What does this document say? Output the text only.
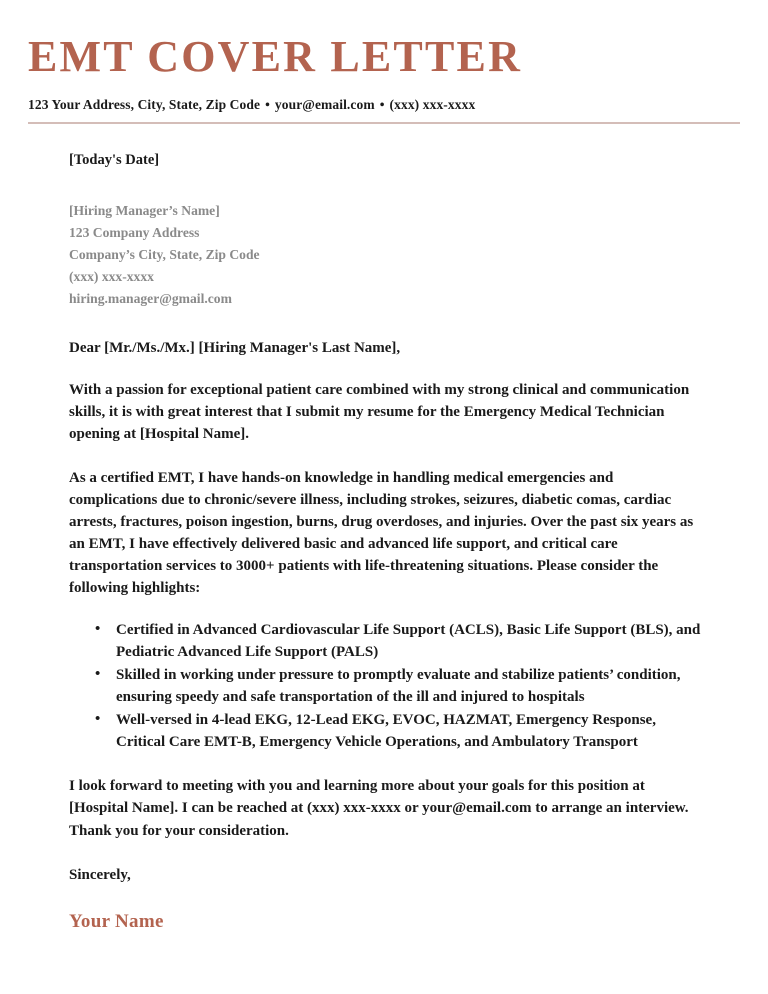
EMT COVER LETTER
123 Your Address, City, State, Zip Code • your@email.com • (xxx) xxx-xxxx
[Today's Date]
[Hiring Manager’s Name]
123 Company Address
Company’s City, State, Zip Code
(xxx) xxx-xxxx
hiring.manager@gmail.com
Dear [Mr./Ms./Mx.] [Hiring Manager's Last Name],

With a passion for exceptional patient care combined with my strong clinical and communication skills, it is with great interest that I submit my resume for the Emergency Medical Technician opening at [Hospital Name].

As a certified EMT, I have hands-on knowledge in handling medical emergencies and complications due to chronic/severe illness, including strokes, seizures, diabetic comas, cardiac arrests, fractures, poison ingestion, burns, drug overdoses, and injuries. Over the past six years as an EMT, I have effectively delivered basic and advanced life support, and critical care transportation services to 3000+ patients with life-threatening situations. Please consider the following highlights:

• Certified in Advanced Cardiovascular Life Support (ACLS), Basic Life Support (BLS), and Pediatric Advanced Life Support (PALS)
• Skilled in working under pressure to promptly evaluate and stabilize patients’ condition, ensuring speedy and safe transportation of the ill and injured to hospitals
• Well-versed in 4-lead EKG, 12-Lead EKG, EVOC, HAZMAT, Emergency Response, Critical Care EMT-B, Emergency Vehicle Operations, and Ambulatory Transport

I look forward to meeting with you and learning more about your goals for this position at [Hospital Name]. I can be reached at (xxx) xxx-xxxx or your@email.com to arrange an interview. Thank you for your consideration.

Sincerely,
Your Name
